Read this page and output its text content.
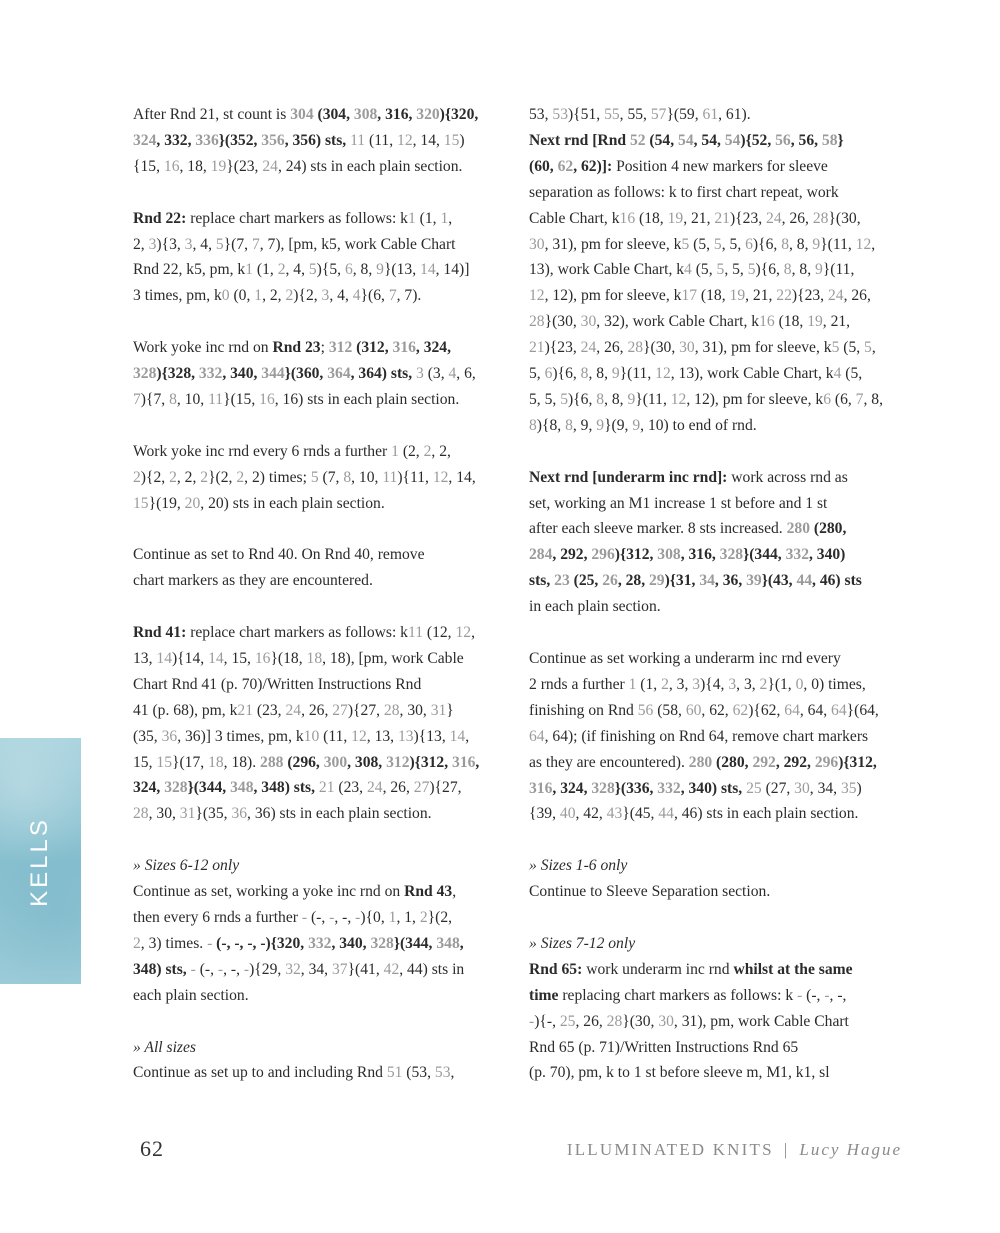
KELLS
After Rnd 21, st count is 304 (304, 308, 316, 320){320,
324, 332, 336}(352, 356, 356) sts, 11 (11, 12, 14, 15)
{15, 16, 18, 19}(23, 24, 24) sts in each plain section.
Rnd 22: replace chart markers as follows: k1 (1, 1,
2, 3){3, 3, 4, 5}(7, 7, 7), [pm, k5, work Cable Chart
Rnd 22, k5, pm, k1 (1, 2, 4, 5){5, 6, 8, 9}(13, 14, 14)]
3 times, pm, k0 (0, 1, 2, 2){2, 3, 4, 4}(6, 7, 7).
Work yoke inc rnd on Rnd 23; 312 (312, 316, 324,
328){328, 332, 340, 344}(360, 364, 364) sts, 3 (3, 4, 6,
7){7, 8, 10, 11}(15, 16, 16) sts in each plain section.
Work yoke inc rnd every 6 rnds a further 1 (2, 2, 2,
2){2, 2, 2, 2}(2, 2, 2) times; 5 (7, 8, 10, 11){11, 12, 14,
15}(19, 20, 20) sts in each plain section.
Continue as set to Rnd 40. On Rnd 40, remove
chart markers as they are encountered.
Rnd 41: replace chart markers as follows: k11 (12, 12,
13, 14){14, 14, 15, 16}(18, 18, 18), [pm, work Cable
Chart Rnd 41 (p. 70)/Written Instructions Rnd
41 (p. 68), pm, k21 (23, 24, 26, 27){27, 28, 30, 31}
(35, 36, 36)] 3 times, pm, k10 (11, 12, 13, 13){13, 14,
15, 15}(17, 18, 18). 288 (296, 300, 308, 312){312, 316,
324, 328}(344, 348, 348) sts, 21 (23, 24, 26, 27){27,
28, 30, 31}(35, 36, 36) sts in each plain section.
» Sizes 6-12 only
Continue as set, working a yoke inc rnd on Rnd 43,
then every 6 rnds a further - (-, -, -, -){0, 1, 1, 2}(2,
2, 3) times. - (-, -, -, -){320, 332, 340, 328}(344, 348,
348) sts, - (-, -, -, -){29, 32, 34, 37}(41, 42, 44) sts in
each plain section.
» All sizes
Continue as set up to and including Rnd 51 (53, 53,
53, 53){51, 55, 55, 57}(59, 61, 61).
Next rnd [Rnd 52 (54, 54, 54, 54){52, 56, 56, 58}
(60, 62, 62)]: Position 4 new markers for sleeve
separation as follows: k to first chart repeat, work
Cable Chart, k16 (18, 19, 21, 21){23, 24, 26, 28}(30,
30, 31), pm for sleeve, k5 (5, 5, 5, 6){6, 8, 8, 9}(11, 12,
13), work Cable Chart, k4 (5, 5, 5, 5){6, 8, 8, 9}(11,
12, 12), pm for sleeve, k17 (18, 19, 21, 22){23, 24, 26,
28}(30, 30, 32), work Cable Chart, k16 (18, 19, 21,
21){23, 24, 26, 28}(30, 30, 31), pm for sleeve, k5 (5, 5,
5, 6){6, 8, 8, 9}(11, 12, 13), work Cable Chart, k4 (5,
5, 5, 5){6, 8, 8, 9}(11, 12, 12), pm for sleeve, k6 (6, 7, 8,
8){8, 8, 9, 9}(9, 9, 10) to end of rnd.
Next rnd [underarm inc rnd]: work across rnd as
set, working an M1 increase 1 st before and 1 st
after each sleeve marker. 8 sts increased. 280 (280,
284, 292, 296){312, 308, 316, 328}(344, 332, 340)
sts, 23 (25, 26, 28, 29){31, 34, 36, 39}(43, 44, 46) sts
in each plain section.
Continue as set working a underarm inc rnd every
2 rnds a further 1 (1, 2, 3, 3){4, 3, 3, 2}(1, 0, 0) times,
finishing on Rnd 56 (58, 60, 62, 62){62, 64, 64, 64}(64,
64, 64); (if finishing on Rnd 64, remove chart markers
as they are encountered). 280 (280, 292, 292, 296){312,
316, 324, 328}(336, 332, 340) sts, 25 (27, 30, 34, 35)
{39, 40, 42, 43}(45, 44, 46) sts in each plain section.
» Sizes 1-6 only
Continue to Sleeve Separation section.
» Sizes 7-12 only
Rnd 65: work underarm inc rnd whilst at the same
time replacing chart markers as follows: k - (-, -, -,
-){-, 25, 26, 28}(30, 30, 31), pm, work Cable Chart
Rnd 65 (p. 71)/Written Instructions Rnd 65
(p. 70), pm, k to 1 st before sleeve m, M1, k1, sl
62	ILLUMINATED KNITS | Lucy Hague
